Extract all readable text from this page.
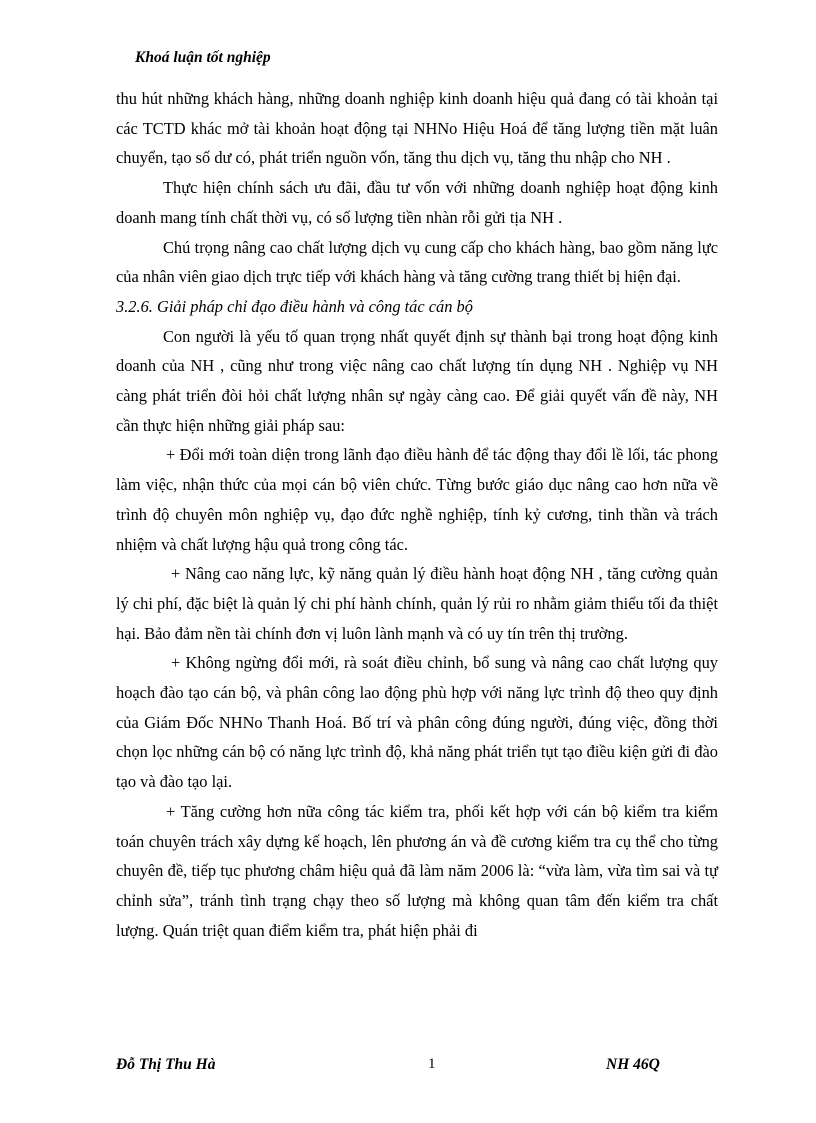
Khoá luận tốt nghiệp

thu hút những khách hàng, những doanh nghiệp kinh doanh hiệu quả đang có tài khoản tại các TCTD khác mở tài khoản hoạt động tại NHNo Hiệu Hoá để tăng lượng tiền mặt luân chuyển, tạo số dư có, phát triển nguồn vốn, tăng thu dịch vụ, tăng thu nhập cho NH .

Thực hiện chính sách ưu đãi, đầu tư vốn với những doanh nghiệp hoạt động kinh doanh mang tính chất thời vụ, có số lượng tiền nhàn rỗi gửi tịa NH .

Chú trọng nâng cao chất lượng dịch vụ cung cấp cho khách hàng, bao gồm năng lực của nhân viên giao dịch trực tiếp với khách hàng và tăng cường trang thiết bị hiện đại.

3.2.6. Giải pháp chỉ đạo điều hành và công tác cán bộ

Con người là yếu tố quan trọng nhất quyết định sự thành bại trong hoạt động kinh doanh của NH , cũng như trong việc nâng cao chất lượng tín dụng NH . Nghiệp vụ NH càng phát triển đòi hỏi chất lượng nhân sự ngày càng cao. Để giải quyết vấn đề này, NH cần thực hiện những giải pháp sau:

+ Đổi mới toàn diện trong lãnh đạo điều hành để tác động thay đổi lề lối, tác phong làm việc, nhận thức của mọi cán bộ viên chức. Từng bước giáo dục nâng cao hơn nữa về trình độ chuyên môn nghiệp vụ, đạo đức nghề nghiệp, tính kỷ cương, tinh thần và trách nhiệm và chất lượng hậu quả trong công tác.

+ Nâng cao năng lực, kỹ năng quản lý điều hành hoạt động NH , tăng cường quản lý chi phí, đặc biệt là quản lý chi phí hành chính, quản lý rủi ro nhằm giảm thiểu tối đa thiệt hại. Bảo đảm nền tài chính đơn vị luôn lành mạnh và có uy tín trên thị trường.

+ Không ngừng đổi mới, rà soát điều chỉnh, bổ sung và nâng cao chất lượng quy hoạch đào tạo cán bộ, và phân công lao động phù hợp với năng lực trình độ theo quy định của Giám Đốc NHNo Thanh Hoá. Bố trí và phân công đúng người, đúng việc, đồng thời chọn lọc những cán bộ có năng lực trình độ, khả năng phát triển tụt tạo điều kiện gửi đi đào tạo và đào tạo lại.

+ Tăng cường hơn nữa công tác kiểm tra, phối kết hợp với cán bộ kiểm tra kiểm toán chuyên trách xây dựng kế hoạch, lên phương án và đề cương kiểm tra cụ thể cho từng chuyên đề, tiếp tục phương châm hiệu quả đã làm năm 2006 là: “vừa làm, vừa tìm sai và tự chỉnh sửa”, tránh tình trạng chạy theo số lượng mà không quan tâm đến kiểm tra chất lượng. Quán triệt quan điểm kiểm tra, phát hiện phải đi

Đỗ Thị Thu Hà	1	NH 46Q
